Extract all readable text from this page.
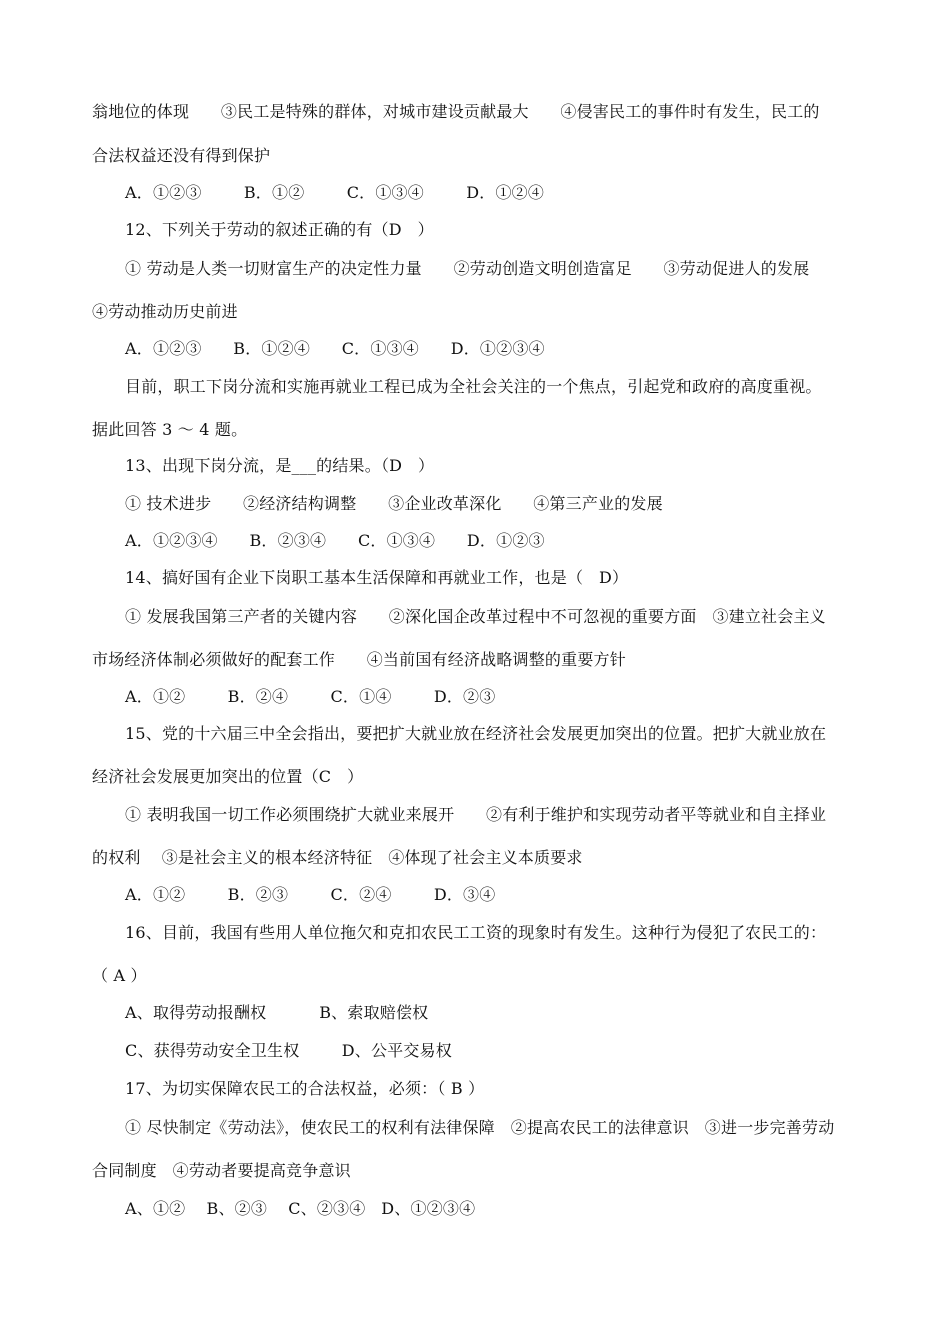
翁地位的体现      ③民工是特殊的群体，对城市建设贡献最大      ④侵害民工的事件时有发生，民工的
合法权益还没有得到保护
A．①②③        B．①②        C．①③④        D．①②④
12、下列关于劳动的叙述正确的有（D   ）
① 劳动是人类一切财富生产的决定性力量      ②劳动创造文明创造富足      ③劳动促进人的发展
④劳动推动历史前进
A．①②③      B．①②④      C．①③④      D．①②③④
目前，职工下岗分流和实施再就业工程已成为全社会关注的一个焦点，引起党和政府的高度重视。
据此回答 3 ～ 4 题。
13、出现下岗分流，是___的结果。（D   ）
① 技术进步      ②经济结构调整      ③企业改革深化      ④第三产业的发展
A．①②③④      B．②③④      C．①③④      D．①②③
14、搞好国有企业下岗职工基本生活保障和再就业工作，也是（   D）
① 发展我国第三产者的关键内容      ②深化国企改革过程中不可忽视的重要方面   ③建立社会主义
市场经济体制必须做好的配套工作      ④当前国有经济战略调整的重要方针
A．①②        B．②④        C．①④        D．②③
15、党的十六届三中全会指出，要把扩大就业放在经济社会发展更加突出的位置。把扩大就业放在
经济社会发展更加突出的位置（C   ）
① 表明我国一切工作必须围绕扩大就业来展开      ②有利于维护和实现劳动者平等就业和自主择业
的权利    ③是社会主义的根本经济特征   ④体现了社会主义本质要求
A．①②        B．②③        C．②④        D．③④
16、目前，我国有些用人单位拖欠和克扣农民工工资的现象时有发生。这种行为侵犯了农民工的：
（ A ）
A、取得劳动报酬权          B、索取赔偿权
C、获得劳动安全卫生权        D、公平交易权
17、为切实保障农民工的合法权益，必须：（ B ）
① 尽快制定《劳动法》，使农民工的权利有法律保障   ②提高农民工的法律意识   ③进一步完善劳动
合同制度   ④劳动者要提高竞争意识
A、①②    B、②③    C、②③④   D、①②③④
